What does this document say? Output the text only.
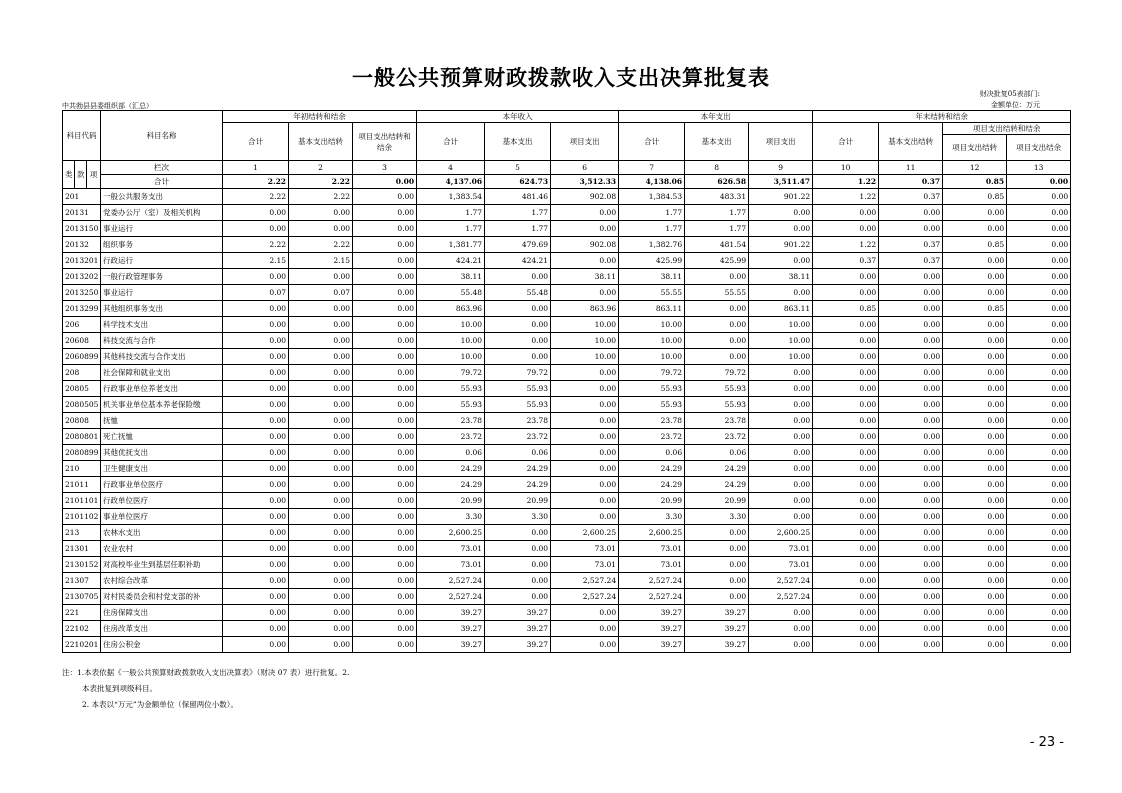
一般公共预算财政拨款收入支出决算批复表
财决批复05表部门:
金额单位：万元
中共勃县县委组织部（汇总）
科目代码			科目名称	年初结转和结余			本年收入			本年支出			年末结转和结余			
				合计	基本支出结转	项目支出结转和结余	合计	基本支出	项目支出	合计	基本支出	项目支出	合计	基本支出结转	项目支出结转和结余	
															项目支出结转	项目支出结余
类	款	项	栏次	1	2	3	4	5	6	7	8	9	10	11	12	13
			合计	2.22	2.22	0.00	4,137.06	624.73	3,512.33	4,138.06	626.58	3,511.47	1.22	0.37	0.85	0.00
201			一般公共服务支出	2.22	2.22	0.00	1,383.54	481.46	902.08	1,384.53	483.31	901.22	1.22	0.37	0.85	0.00
20131			党委办公厅（室）及相关机构	0.00	0.00	0.00	1.77	1.77	0.00	1.77	1.77	0.00	0.00	0.00	0.00	0.00
2013150			事业运行	0.00	0.00	0.00	1.77	1.77	0.00	1.77	1.77	0.00	0.00	0.00	0.00	0.00
20132			组织事务	2.22	2.22	0.00	1,381.77	479.69	902.08	1,382.76	481.54	901.22	1.22	0.37	0.85	0.00
2013201			行政运行	2.15	2.15	0.00	424.21	424.21	0.00	425.99	425.99	0.00	0.37	0.37	0.00	0.00
2013202			一般行政管理事务	0.00	0.00	0.00	38.11	0.00	38.11	38.11	0.00	38.11	0.00	0.00	0.00	0.00
2013250			事业运行	0.07	0.07	0.00	55.48	55.48	0.00	55.55	55.55	0.00	0.00	0.00	0.00	0.00
2013299			其他组织事务支出	0.00	0.00	0.00	863.96	0.00	863.96	863.11	0.00	863.11	0.85	0.00	0.85	0.00
206			科学技术支出	0.00	0.00	0.00	10.00	0.00	10.00	10.00	0.00	10.00	0.00	0.00	0.00	0.00
20608			科技交流与合作	0.00	0.00	0.00	10.00	0.00	10.00	10.00	0.00	10.00	0.00	0.00	0.00	0.00
2060899			其他科技交流与合作支出	0.00	0.00	0.00	10.00	0.00	10.00	10.00	0.00	10.00	0.00	0.00	0.00	0.00
208			社会保障和就业支出	0.00	0.00	0.00	79.72	79.72	0.00	79.72	79.72	0.00	0.00	0.00	0.00	0.00
20805			行政事业单位养老支出	0.00	0.00	0.00	55.93	55.93	0.00	55.93	55.93	0.00	0.00	0.00	0.00	0.00
2080505			机关事业单位基本养老保险缴	0.00	0.00	0.00	55.93	55.93	0.00	55.93	55.93	0.00	0.00	0.00	0.00	0.00
20808			抚恤	0.00	0.00	0.00	23.78	23.78	0.00	23.78	23.78	0.00	0.00	0.00	0.00	0.00
2080801			死亡抚恤	0.00	0.00	0.00	23.72	23.72	0.00	23.72	23.72	0.00	0.00	0.00	0.00	0.00
2080899			其他优抚支出	0.00	0.00	0.00	0.06	0.06	0.00	0.06	0.06	0.00	0.00	0.00	0.00	0.00
210			卫生健康支出	0.00	0.00	0.00	24.29	24.29	0.00	24.29	24.29	0.00	0.00	0.00	0.00	0.00
21011			行政事业单位医疗	0.00	0.00	0.00	24.29	24.29	0.00	24.29	24.29	0.00	0.00	0.00	0.00	0.00
2101101			行政单位医疗	0.00	0.00	0.00	20.99	20.99	0.00	20.99	20.99	0.00	0.00	0.00	0.00	0.00
2101102			事业单位医疗	0.00	0.00	0.00	3.30	3.30	0.00	3.30	3.30	0.00	0.00	0.00	0.00	0.00
213			农林水支出	0.00	0.00	0.00	2,600.25	0.00	2,600.25	2,600.25	0.00	2,600.25	0.00	0.00	0.00	0.00
21301			农业农村	0.00	0.00	0.00	73.01	0.00	73.01	73.01	0.00	73.01	0.00	0.00	0.00	0.00
2130152			对高校毕业生到基层任职补助	0.00	0.00	0.00	73.01	0.00	73.01	73.01	0.00	73.01	0.00	0.00	0.00	0.00
21307			农村综合改革	0.00	0.00	0.00	2,527.24	0.00	2,527.24	2,527.24	0.00	2,527.24	0.00	0.00	0.00	0.00
2130705			对村民委员会和村党支部的补	0.00	0.00	0.00	2,527.24	0.00	2,527.24	2,527.24	0.00	2,527.24	0.00	0.00	0.00	0.00
221			住房保障支出	0.00	0.00	0.00	39.27	39.27	0.00	39.27	39.27	0.00	0.00	0.00	0.00	0.00
22102			住房改革支出	0.00	0.00	0.00	39.27	39.27	0.00	39.27	39.27	0.00	0.00	0.00	0.00	0.00
2210201			住房公积金	0.00	0.00	0.00	39.27	39.27	0.00	39.27	39.27	0.00	0.00	0.00	0.00	0.00
注：1.本表依据《一般公共预算财政拨款收入支出决算表》（财决 07 表）进行批复。2.
本表批复到项级科目。
2. 本表以“万元”为金额单位（保留两位小数）。
- 23 -
